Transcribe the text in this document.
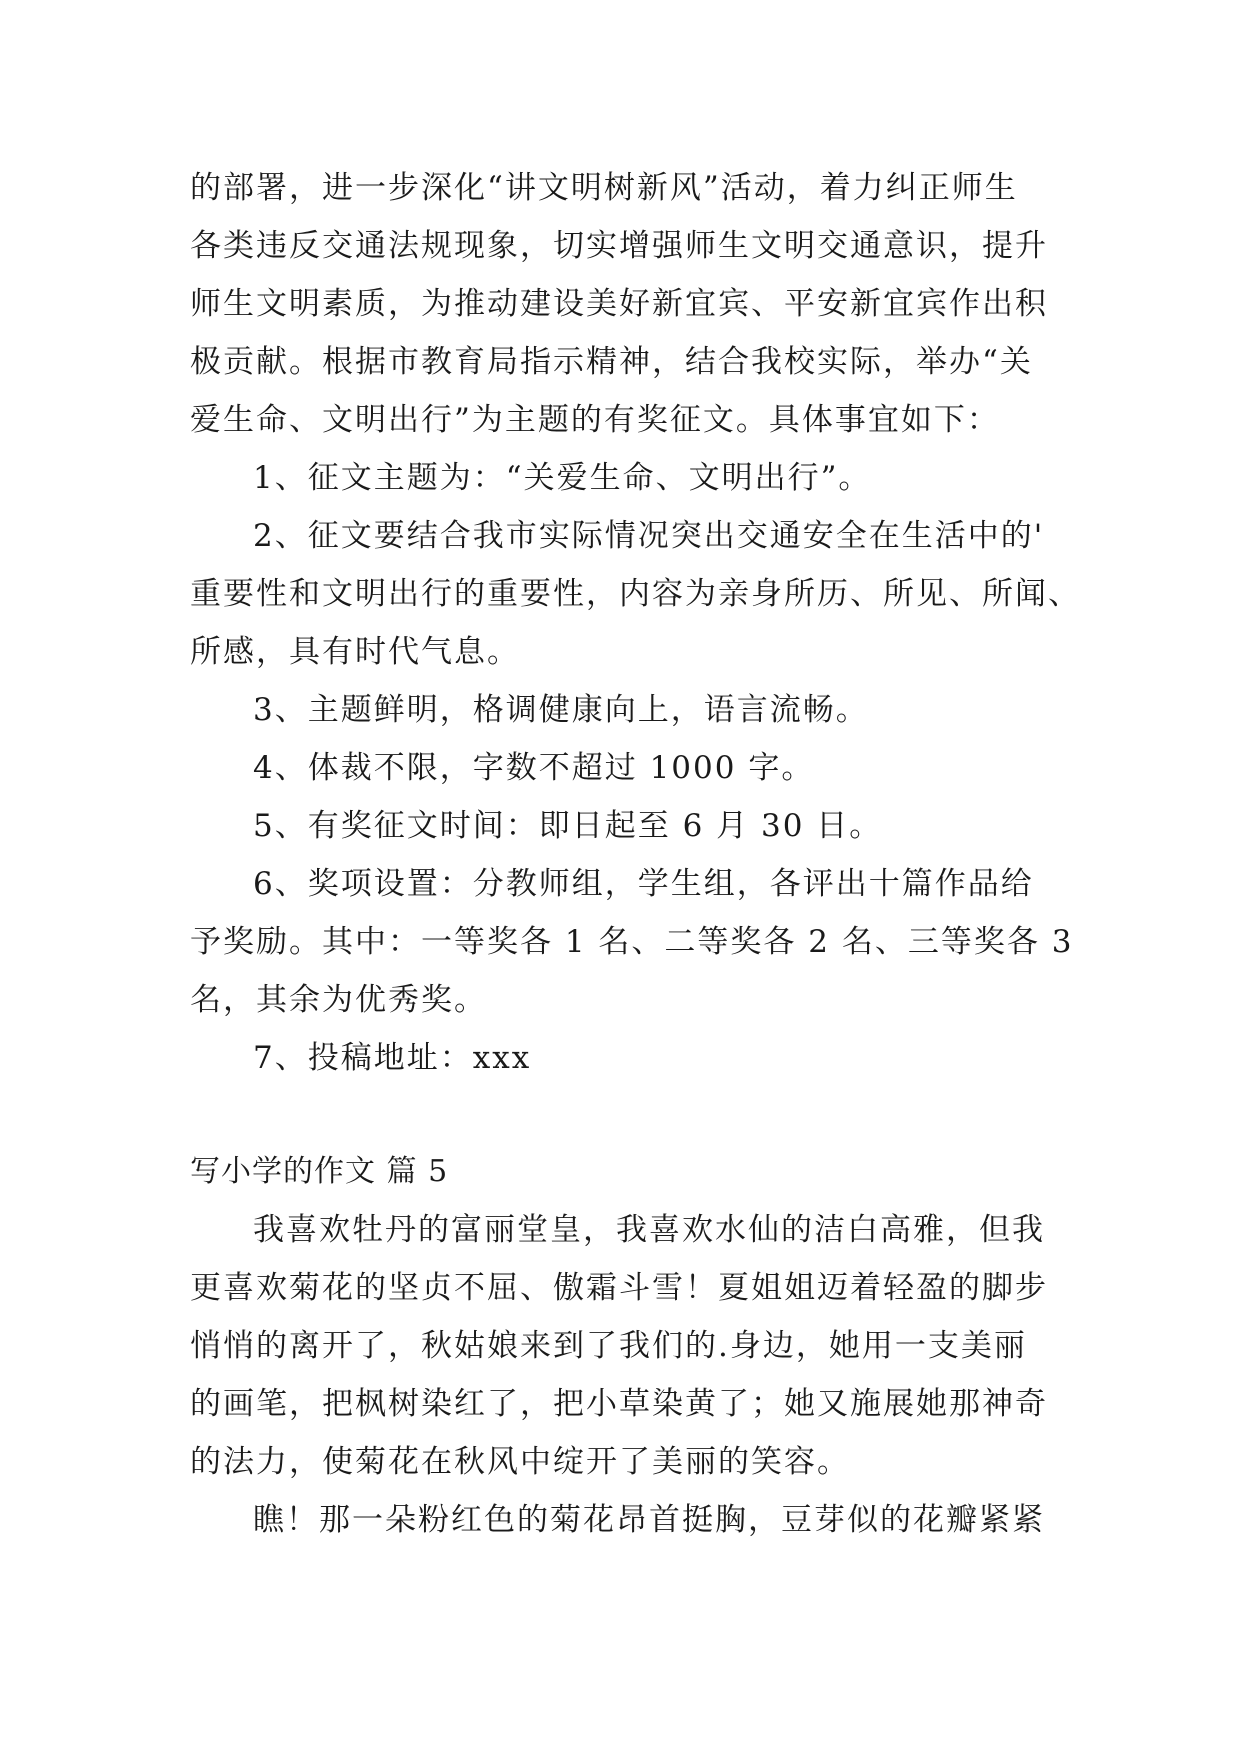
的部署，进一步深化“讲文明树新风”活动，着力纠正师生
各类违反交通法规现象，切实增强师生文明交通意识，提升
师生文明素质，为推动建设美好新宜宾、平安新宜宾作出积
极贡献。根据市教育局指示精神，结合我校实际，举办“关
爱生命、文明出行”为主题的有奖征文。具体事宜如下：
1、征文主题为：“关爱生命、文明出行”。
2、征文要结合我市实际情况突出交通安全在生活中的'
重要性和文明出行的重要性，内容为亲身所历、所见、所闻、
所感，具有时代气息。
3、主题鲜明，格调健康向上，语言流畅。
4、体裁不限，字数不超过 1000 字。
5、有奖征文时间：即日起至 6 月 30 日。
6、奖项设置：分教师组，学生组，各评出十篇作品给
予奖励。其中：一等奖各 1 名、二等奖各 2 名、三等奖各 3
名，其余为优秀奖。
7、投稿地址：xxx
写小学的作文 篇 5
我喜欢牡丹的富丽堂皇，我喜欢水仙的洁白高雅，但我
更喜欢菊花的坚贞不屈、傲霜斗雪！夏姐姐迈着轻盈的脚步
悄悄的离开了，秋姑娘来到了我们的.身边，她用一支美丽
的画笔，把枫树染红了，把小草染黄了；她又施展她那神奇
的法力，使菊花在秋风中绽开了美丽的笑容。
瞧！那一朵粉红色的菊花昂首挺胸，豆芽似的花瓣紧紧
